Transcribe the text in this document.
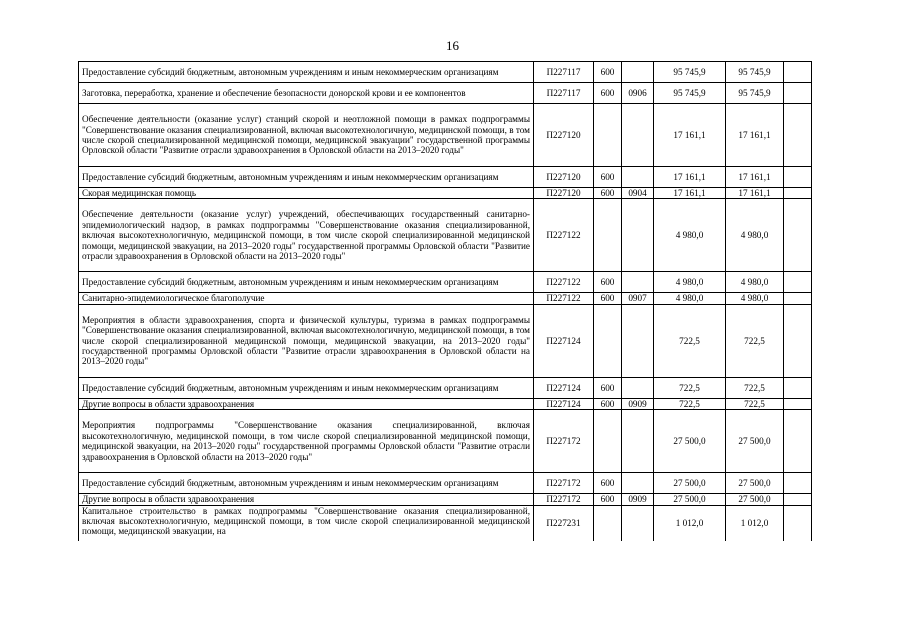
16
Предоставление субсидий бюджетным, автономным учреждениям и иным некоммерческим организациям	П227117	600		95 745,9	95 745,9	
Заготовка, переработка, хранение и обеспечение безопасности донорской крови и ее компонентов	П227117	600	0906	95 745,9	95 745,9	
Обеспечение деятельности (оказание услуг) станций скорой и неотложной помощи в рамках подпрограммы "Совершенствование оказания специализированной, включая высокотехнологичную, медицинской помощи, в том числе скорой специализированной медицинской помощи, медицинской эвакуации" государственной программы Орловской области "Развитие отрасли здравоохранения в Орловской области на 2013–2020 годы"	П227120			17 161,1	17 161,1	
Предоставление субсидий бюджетным, автономным учреждениям и иным некоммерческим организациям	П227120	600		17 161,1	17 161,1	
Скорая медицинская помощь	П227120	600	0904	17 161,1	17 161,1	
Обеспечение деятельности (оказание услуг) учреждений, обеспечивающих государственный санитарно-эпидемиологический надзор, в рамках подпрограммы "Совершенствование оказания специализированной, включая высокотехнологичную, медицинской помощи, в том числе скорой специализированной медицинской помощи, медицинской эвакуации, на 2013–2020 годы" государственной программы Орловской области "Развитие отрасли здравоохранения в Орловской области на 2013–2020 годы"	П227122			4 980,0	4 980,0	
Предоставление субсидий бюджетным, автономным учреждениям и иным некоммерческим организациям	П227122	600		4 980,0	4 980,0	
Санитарно-эпидемиологическое благополучие	П227122	600	0907	4 980,0	4 980,0	
Мероприятия в области здравоохранения, спорта и физической культуры, туризма в рамках подпрограммы "Совершенствование оказания специализированной, включая высокотехнологичную, медицинской помощи, в том числе скорой специализированной медицинской помощи, медицинской эвакуации, на 2013–2020 годы" государственной программы Орловской области "Развитие отрасли здравоохранения в Орловской области на 2013–2020 годы"	П227124			722,5	722,5	
Предоставление субсидий бюджетным, автономным учреждениям и иным некоммерческим организациям	П227124	600		722,5	722,5	
Другие вопросы в области здравоохранения	П227124	600	0909	722,5	722,5	
Мероприятия подпрограммы "Совершенствование оказания специализированной, включая высокотехнологичную, медицинской помощи, в том числе скорой специализированной медицинской помощи, медицинской эвакуации, на 2013–2020 годы" государственной программы Орловской области "Развитие отрасли здравоохранения в Орловской области на 2013–2020 годы"	П227172			27 500,0	27 500,0	
Предоставление субсидий бюджетным, автономным учреждениям и иным некоммерческим организациям	П227172	600		27 500,0	27 500,0	
Другие вопросы в области здравоохранения	П227172	600	0909	27 500,0	27 500,0	
Капитальное строительство в рамках подпрограммы "Совершенствование оказания специализированной, включая высокотехнологичную, медицинской помощи, в том числе скорой специализированной медицинской помощи, медицинской эвакуации, на	П227231			1 012,0	1 012,0	
